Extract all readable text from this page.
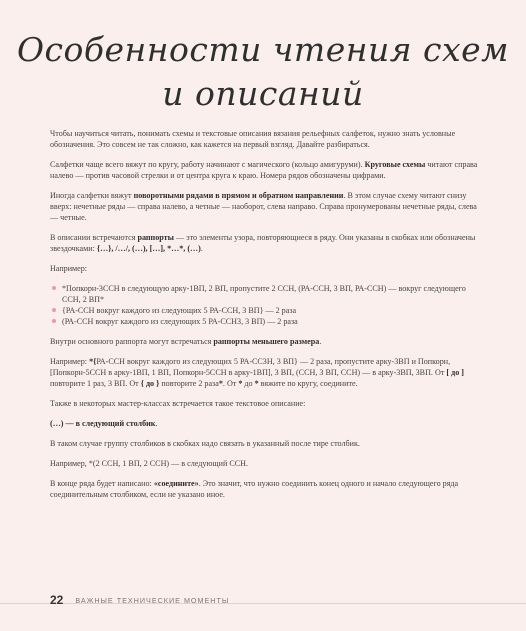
Особенности чтения схем
и описаний

Чтобы научиться читать, понимать схемы и текстовые описания вязания рельефных салфеток, нужно знать условные обозначения. Это совсем не так сложно, как кажется на первый взгляд. Давайте разбираться.

Салфетки чаще всего вяжут по кругу, работу начинают с магического (кольцо амигуруми). Круговые схемы читают справа налево — против часовой стрелки и от центра круга к краю. Номера рядов обозначены цифрами.

Иногда салфетки вяжут поворотными рядами в прямом и обратном направлении. В этом случае схему читают снизу вверх: нечетные ряды — справа налево, а четные — наоборот, слева направо. Справа пронумерованы нечетные ряды, слева — четные.

В описании встречаются раппорты — это элементы узора, повторяющиеся в ряду. Они указаны в скобках или обозначены звездочками: {…}, /…/, (…), […], *…*, (…).

Например:

*Попкорн-3ССН в следующую арку-1ВП, 2 ВП, пропустите 2 ССН, (РА-ССН, 3 ВП, РА-ССН) — вокруг следующего ССН, 2 ВП*
{РА-ССН вокруг каждого из следующих 5 РА-ССН, 3 ВП} — 2 раза
(РА-ССН вокруг каждого из следующих 5 РА-ССН3, 3 ВП) — 2 раза

Внутри основного раппорта могут встречаться раппорты меньшего размера.

Например: *{РА-ССН вокруг каждого из следующих 5 РА-СС3Н, 3 ВП} — 2 раза, пропустите арку-3ВП и Попкорн, [Попкорн-5ССН в арку-1ВП, 1 ВП, Попкорн-5ССН в арку-1ВП], 3 ВП, (ССН, 3 ВП, ССН) — в арку-3ВП, 3ВП. От [ до ] повторите 1 раз, 3 ВП. От { до } повторите 2 раза*. От * до * вяжите по кругу, соедините.

Также в некоторых мастер-классах встречается такое текстовое описание:

(…) — в следующий столбик.

В таком случае группу столбиков в скобках надо связать в указанный после тире столбик.

Например, *(2 ССН, 1 ВП, 2 ССН) — в следующий ССН.

В конце ряда будет написано: «соедините». Это значит, что нужно соединить конец одного и начало следующего ряда соединительным столбиком, если не указано иное.

22 ВАЖНЫЕ ТЕХНИЧЕСКИЕ МОМЕНТЫ
